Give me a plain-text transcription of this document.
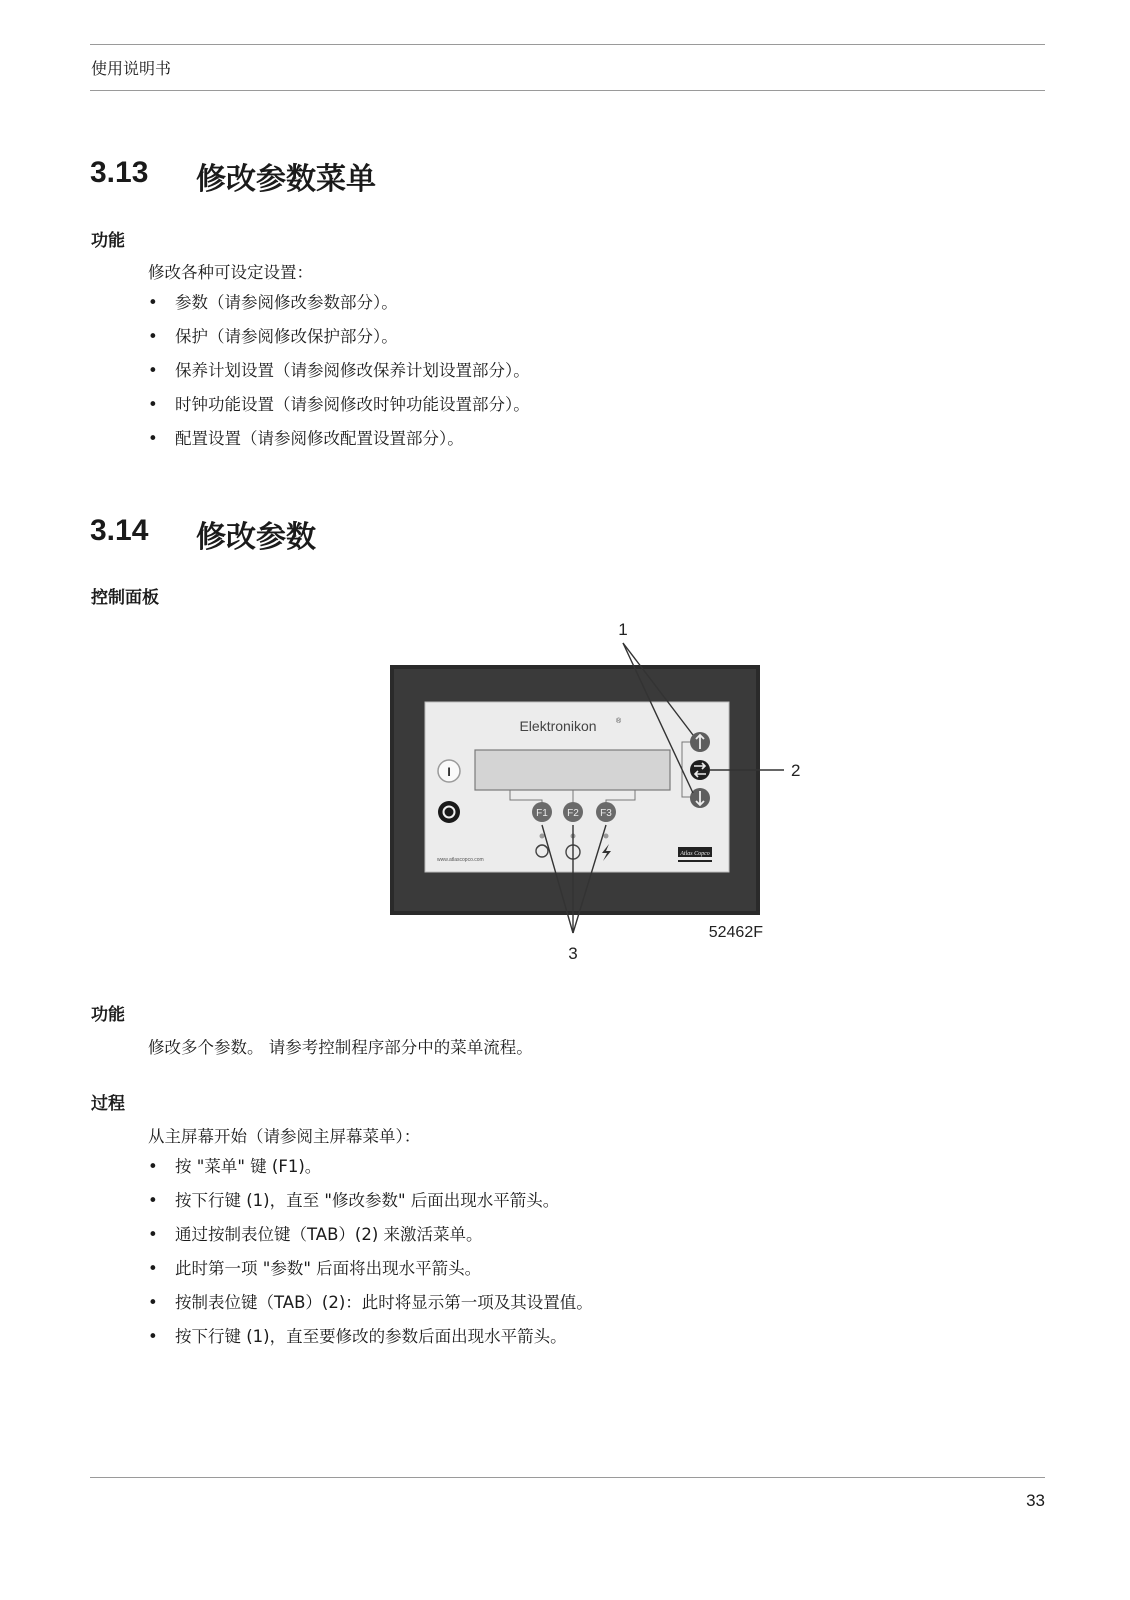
使用说明书
3.13 修改参数菜单
功能
修改各种可设定设置：
• 参数（请参阅修改参数部分）。
• 保护（请参阅修改保护部分）。
• 保养计划设置（请参阅修改保养计划设置部分）。
• 时钟功能设置（请参阅修改时钟功能设置部分）。
• 配置设置（请参阅修改配置设置部分）。
3.14 修改参数
控制面板
Elektronikon	®
I
F1 F2 F3
www.atlascopco.com
Atlas Copco
1
2
3
52462F
功能
修改多个参数。 请参考控制程序部分中的菜单流程。
过程
从主屏幕开始（请参阅主屏幕菜单）：
• 按 "菜单" 键 (F1)。
• 按下行键 (1)，直至 "修改参数" 后面出现水平箭头。
• 通过按制表位键（TAB）(2) 来激活菜单。
• 此时第一项 "参数" 后面将出现水平箭头。
• 按制表位键（TAB）(2)：此时将显示第一项及其设置值。
• 按下行键 (1)，直至要修改的参数后面出现水平箭头。
33
